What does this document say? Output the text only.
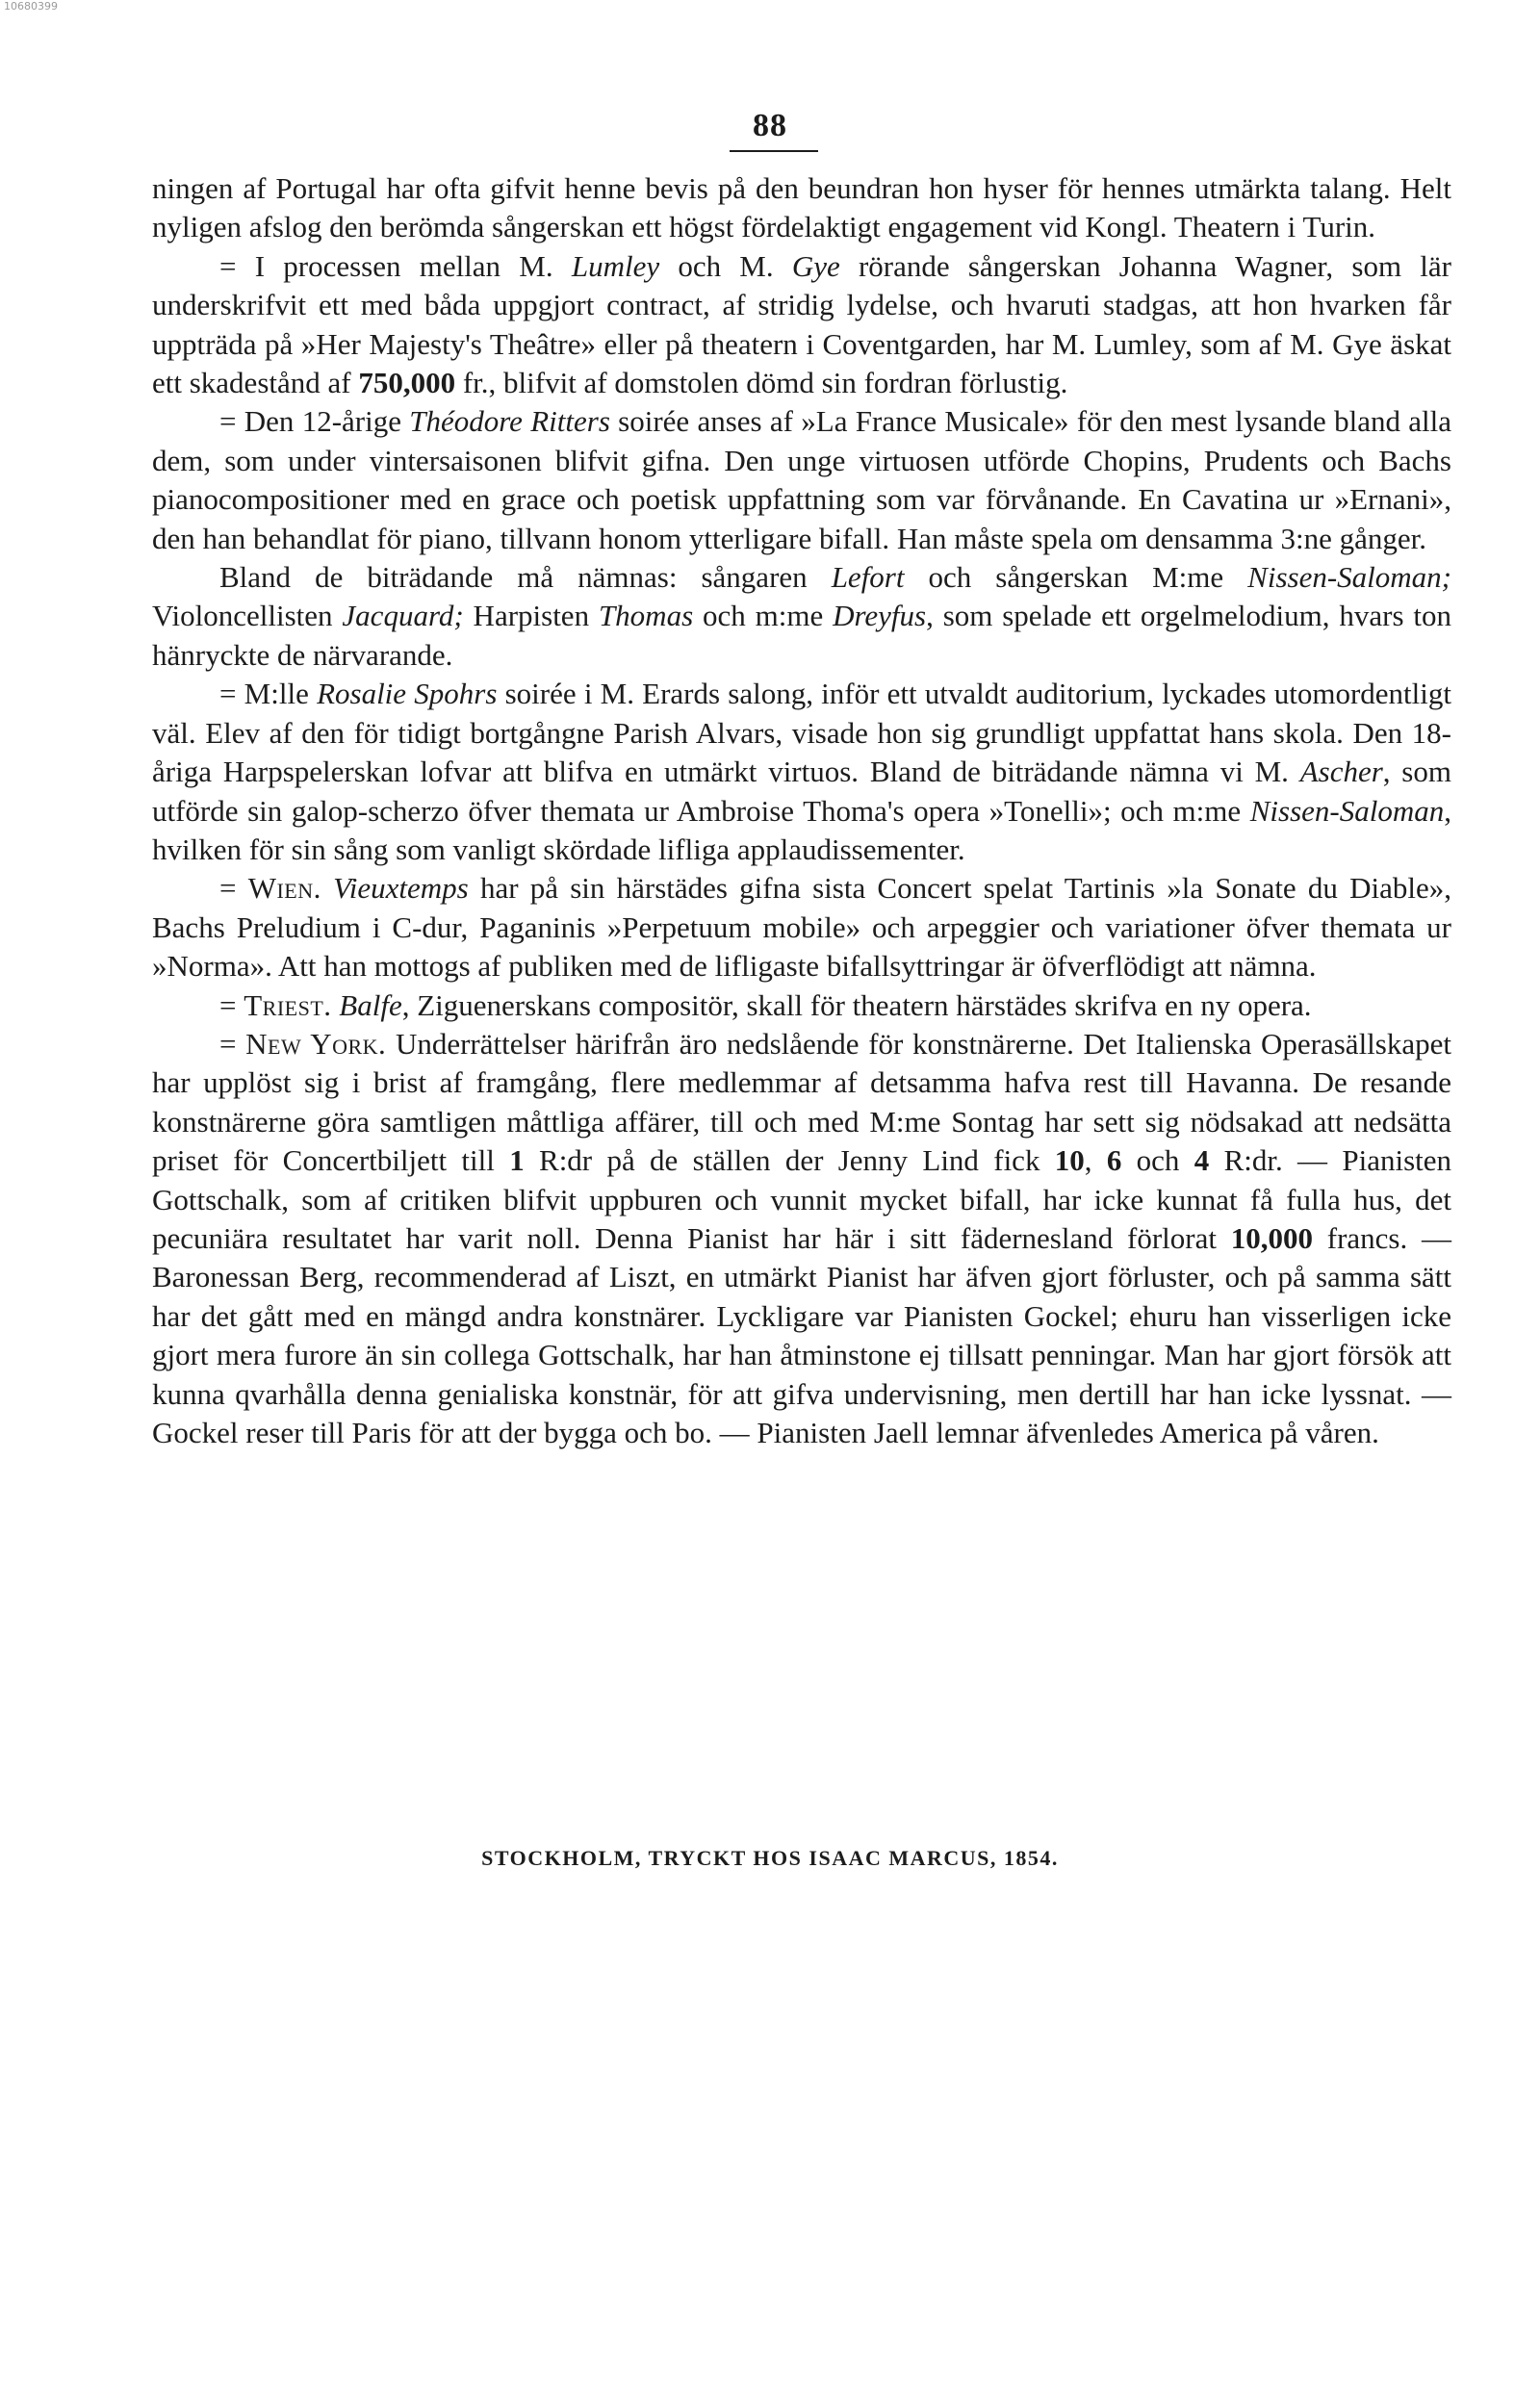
10680399
88

ningen af Portugal har ofta gifvit henne bevis på den beundran hon hyser för hennes utmärkta talang. Helt nyligen afslog den berömda sångerskan ett högst fördelaktigt engagement vid Kongl. Theatern i Turin.

= I processen mellan M. Lumley och M. Gye rörande sångerskan Johanna Wagner, som lär underskrifvit ett med båda uppgjort contract, af stridig lydelse, och hvaruti stadgas, att hon hvarken får uppträda på »Her Majesty's Theâtre» eller på theatern i Coventgarden, har M. Lumley, som af M. Gye äskat ett skadestånd af 750,000 fr., blifvit af domstolen dömd sin fordran förlustig.

= Den 12-årige Théodore Ritters soirée anses af »La France Musicale» för den mest lysande bland alla dem, som under vintersaisonen blifvit gifna. Den unge virtuosen utförde Chopins, Prudents och Bachs pianocompositioner med en grace och poetisk uppfattning som var förvånande. En Cavatina ur »Ernani», den han behandlat för piano, tillvann honom ytterligare bifall. Han måste spela om densamma 3:ne gånger.

Bland de biträdande må nämnas: sångaren Lefort och sångerskan M:me Nissen-Saloman; Violoncellisten Jacquard; Harpisten Thomas och m:me Dreyfus, som spelade ett orgelmelodium, hvars ton hänryckte de närvarande.

= M:lle Rosalie Spohrs soirée i M. Erards salong, inför ett utvaldt auditorium, lyckades utomordentligt väl. Elev af den för tidigt bortgångne Parish Alvars, visade hon sig grundligt uppfattat hans skola. Den 18-åriga Harpspelerskan lofvar att blifva en utmärkt virtuos. Bland de biträdande nämna vi M. Ascher, som utförde sin galop-scherzo öfver themata ur Ambroise Thoma's opera »Tonelli»; och m:me Nissen-Saloman, hvilken för sin sång som vanligt skördade lifliga applaudissementer.

= Wien. Vieuxtemps har på sin härstädes gifna sista Concert spelat Tartinis »la Sonate du Diable», Bachs Preludium i C-dur, Paganinis »Perpetuum mobile» och arpeggier och variationer öfver themata ur »Norma». Att han mottogs af publiken med de lifligaste bifallsyttringar är öfverflödigt att nämna.

= Triest. Balfe, Ziguenerskans compositör, skall för theatern härstädes skrifva en ny opera.

= New York. Underrättelser härifrån äro nedslående för konstnärerne. Det Italienska Operasällskapet har upplöst sig i brist af framgång, flere medlemmar af detsamma hafva rest till Havanna. De resande konstnärerne göra samtligen måttliga affärer, till och med M:me Sontag har sett sig nödsakad att nedsätta priset för Concertbiljett till 1 R:dr på de ställen der Jenny Lind fick 10, 6 och 4 R:dr. — Pianisten Gottschalk, som af critiken blifvit uppburen och vunnit mycket bifall, har icke kunnat få fulla hus, det pecuniära resultatet har varit noll. Denna Pianist har här i sitt fädernesland förlorat 10,000 francs. — Baronessan Berg, recommenderad af Liszt, en utmärkt Pianist har äfven gjort förluster, och på samma sätt har det gått med en mängd andra konstnärer. Lyckligare var Pianisten Gockel; ehuru han visserligen icke gjort mera furore än sin collega Gottschalk, har han åtminstone ej tillsatt penningar. Man har gjort försök att kunna qvarhålla denna genialiska konstnär, för att gifva undervisning, men dertill har han icke lyssnat. — Gockel reser till Paris för att der bygga och bo. — Pianisten Jaell lemnar äfvenledes America på våren.

STOCKHOLM, TRYCKT HOS ISAAC MARCUS, 1854.
